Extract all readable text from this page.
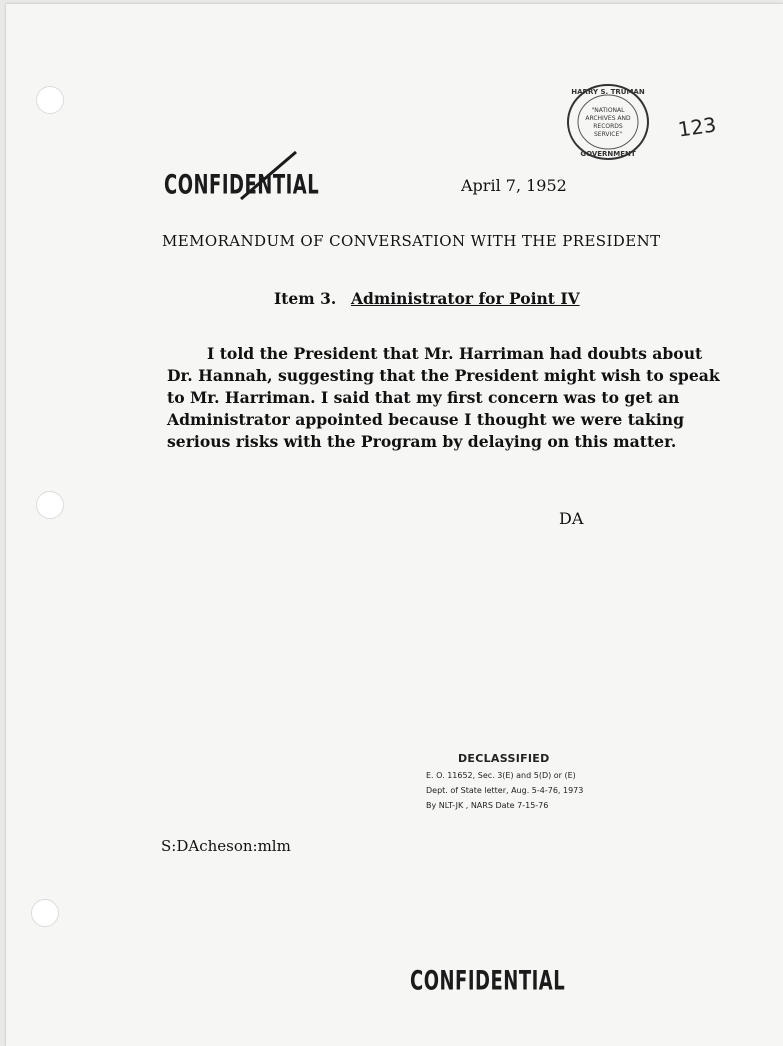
HARRY S. TRUMAN
"NATIONAL
ARCHIVES AND
RECORDS
SERVICE"
GOVERNMENT
123
CONFIDENTIAL	April 7, 1952
MEMORANDUM OF CONVERSATION WITH THE PRESIDENT
Item 3. Administrator for Point IV
I told the President that Mr. Harriman had doubts about
Dr. Hannah, suggesting that the President might wish to speak
to Mr. Harriman. I said that my first concern was to get an
Administrator appointed because I thought we were taking
serious risks with the Program by delaying on this matter.
DA
DECLASSIFIED
E. O. 11652, Sec. 3(E) and 5(D) or (E)
Dept. of State letter, Aug. 5-4-76, 1973
By NLT-JK , NARS Date 7-15-76
S:DAcheson:mlm
CONFIDENTIAL
